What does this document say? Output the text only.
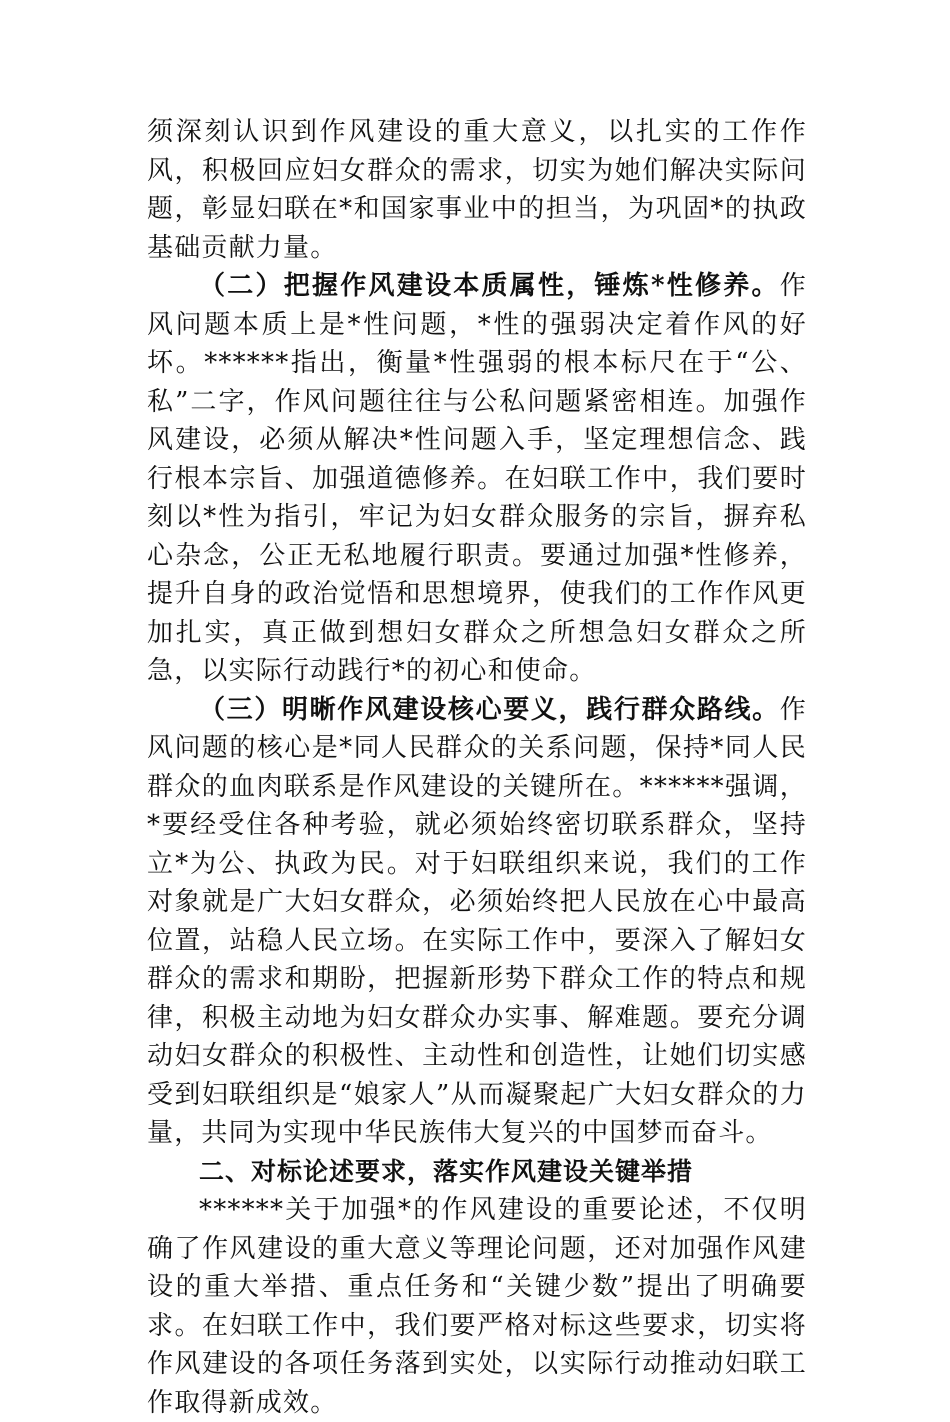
须深刻认识到作风建设的重大意义，以扎实的工作作风，积极回应妇女群众的需求，切实为她们解决实际问题，彰显妇联在*和国家事业中的担当，为巩固*的执政基础贡献力量。

（二）把握作风建设本质属性，锤炼*性修养。作风问题本质上是*性问题，*性的强弱决定着作风的好坏。******指出，衡量*性强弱的根本标尺在于“公、私”二字，作风问题往往与公私问题紧密相连。加强作风建设，必须从解决*性问题入手，坚定理想信念、践行根本宗旨、加强道德修养。在妇联工作中，我们要时刻以*性为指引，牢记为妇女群众服务的宗旨，摒弃私心杂念，公正无私地履行职责。要通过加强*性修养，提升自身的政治觉悟和思想境界，使我们的工作作风更加扎实，真正做到想妇女群众之所想急妇女群众之所急，以实际行动践行*的初心和使命。

（三）明晰作风建设核心要义，践行群众路线。作风问题的核心是*同人民群众的关系问题，保持*同人民群众的血肉联系是作风建设的关键所在。******强调，*要经受住各种考验，就必须始终密切联系群众，坚持立*为公、执政为民。对于妇联组织来说，我们的工作对象就是广大妇女群众，必须始终把人民放在心中最高位置，站稳人民立场。在实际工作中，要深入了解妇女群众的需求和期盼，把握新形势下群众工作的特点和规律，积极主动地为妇女群众办实事、解难题。要充分调动妇女群众的积极性、主动性和创造性，让她们切实感受到妇联组织是“娘家人”从而凝聚起广大妇女群众的力量，共同为实现中华民族伟大复兴的中国梦而奋斗。

二、对标论述要求，落实作风建设关键举措

******关于加强*的作风建设的重要论述，不仅明确了作风建设的重大意义等理论问题，还对加强作风建设的重大举措、重点任务和“关键少数”提出了明确要求。在妇联工作中，我们要严格对标这些要求，切实将作风建设的各项任务落到实处，以实际行动推动妇联工作取得新成效。
